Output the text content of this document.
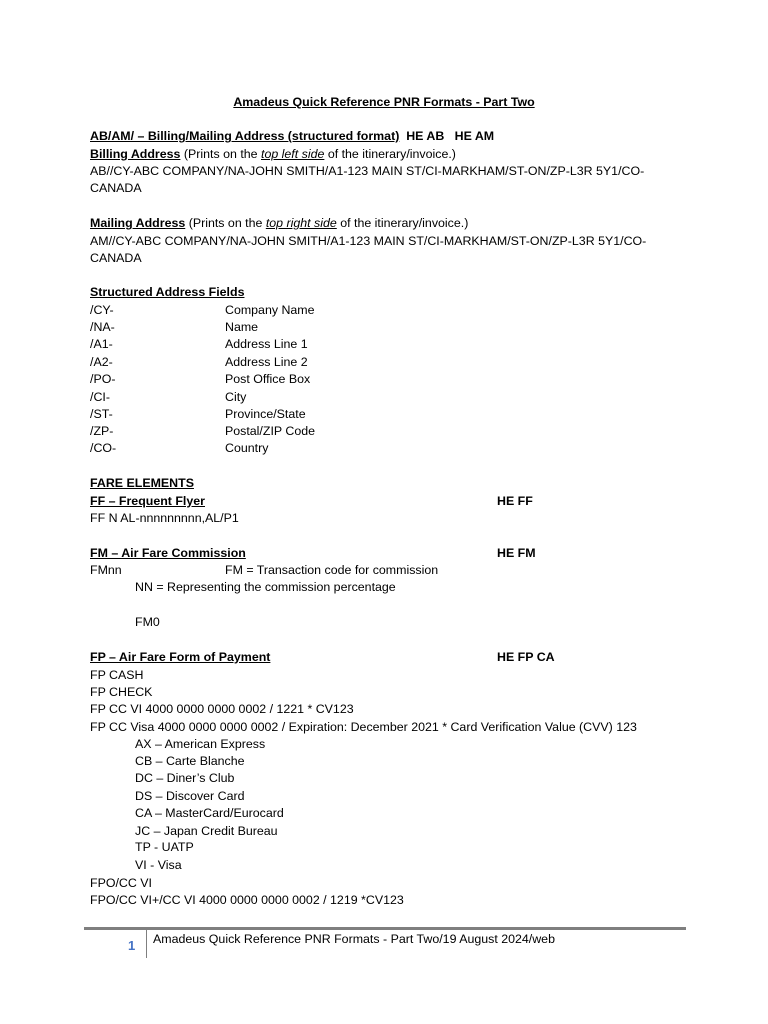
Amadeus Quick Reference PNR Formats - Part Two
AB/AM/ – Billing/Mailing Address (structured format) HE AB   HE AM
Billing Address (Prints on the top left side of the itinerary/invoice.)
AB//CY-ABC COMPANY/NA-JOHN SMITH/A1-123 MAIN ST/CI-MARKHAM/ST-ON/ZP-L3R 5Y1/CO-
CANADA
Mailing Address (Prints on the top right side of the itinerary/invoice.)
AM//CY-ABC COMPANY/NA-JOHN SMITH/A1-123 MAIN ST/CI-MARKHAM/ST-ON/ZP-L3R 5Y1/CO-
CANADA
Structured Address Fields
/CY-	Company Name
/NA-	Name
/A1-	Address Line 1
/A2-	Address Line 2
/PO-	Post Office Box
/CI-	City
/ST-	Province/State
/ZP-	Postal/ZIP Code
/CO-	Country
FARE ELEMENTS
FF – Frequent Flyer	HE FF
FF N AL-nnnnnnnnn,AL/P1
FM – Air Fare Commission	HE FM
FMnn	FM = Transaction code for commission
NN = Representing the commission percentage
FM0
FP – Air Fare Form of Payment	HE FP CA
FP CASH
FP CHECK
FP CC VI 4000 0000 0000 0002 / 1221 * CV123
FP CC Visa 4000 0000 0000 0002 / Expiration: December 2021 * Card Verification Value (CVV) 123
AX – American Express
CB – Carte Blanche
DC – Diner’s Club
DS – Discover Card
CA – MasterCard/Eurocard
JC – Japan Credit Bureau
TP - UATP
VI - Visa
FPO/CC VI
FPO/CC VI+/CC VI 4000 0000 0000 0002 / 1219 *CV123
1 Amadeus Quick Reference PNR Formats - Part Two/19 August 2024/web
